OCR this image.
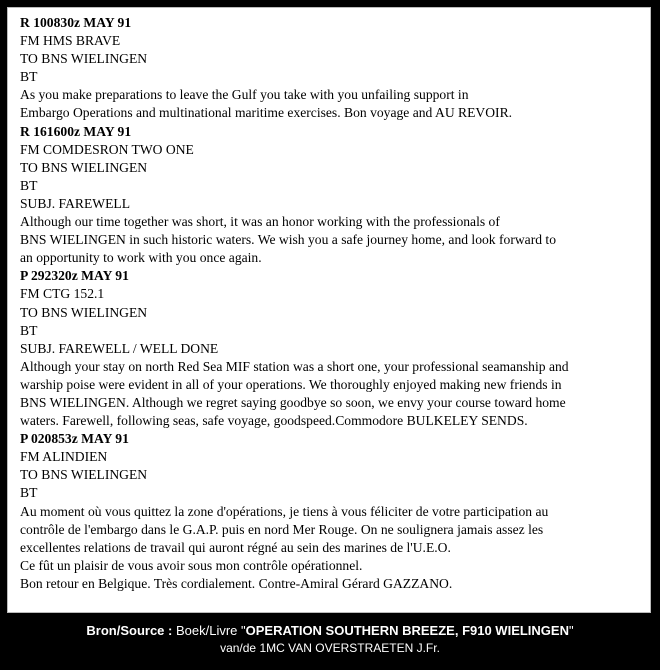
R 100830z MAY 91
FM HMS BRAVE
TO BNS WIELINGEN
BT
As you make preparations to leave the Gulf you take with you unfailing support in
Embargo Operations and multinational maritime exercises. Bon voyage and AU REVOIR.
R 161600z MAY 91
FM COMDESRON TWO ONE
TO BNS WIELINGEN
BT
SUBJ. FAREWELL
Although our time together was short, it was an honor working with the professionals of
BNS WIELINGEN in such historic waters. We wish you a safe journey home, and look forward to
an opportunity to work with you once again.
P 292320z MAY 91
FM CTG 152.1
TO BNS WIELINGEN
BT
SUBJ. FAREWELL / WELL DONE
Although your stay on north Red Sea MIF station was a short one, your professional seamanship and
warship poise were evident in all of your operations. We thoroughly enjoyed making new friends in
BNS WIELINGEN. Although we regret saying goodbye so soon, we envy your course toward home
waters. Farewell, following seas, safe voyage, goodspeed.Commodore BULKELEY SENDS.
P 020853z MAY 91
FM ALINDIEN
TO BNS WIELINGEN
BT
Au moment où vous quittez la zone d'opérations, je tiens à vous féliciter de votre participation au
contrôle de l'embargo dans le G.A.P. puis en nord Mer Rouge. On ne soulignera jamais assez les
excellentes relations de travail qui auront régné au sein des marines de l'U.E.O.
Ce fût un plaisir de vous avoir sous mon contrôle opérationnel.
Bon retour en Belgique. Très cordialement. Contre-Amiral Gérard GAZZANO.
Bron/Source : Boek/Livre "OPERATION SOUTHERN BREEZE, F910 WIELINGEN"
van/de 1MC VAN OVERSTRAETEN J.Fr.
